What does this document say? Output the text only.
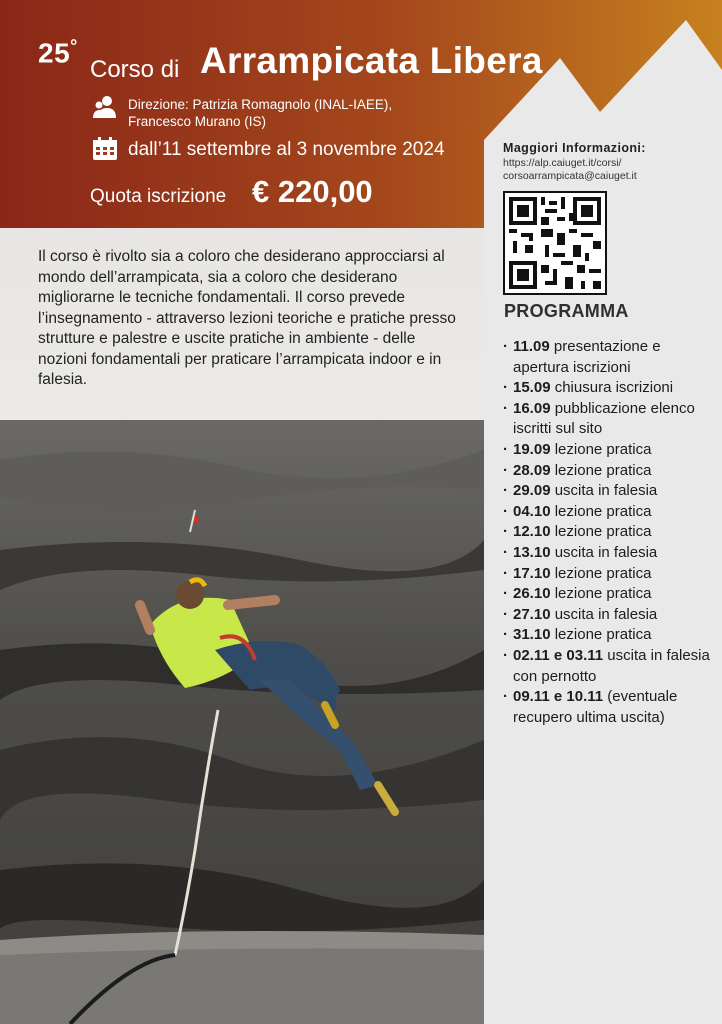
25°
Corso di Arrampicata Libera
Direzione: Patrizia Romagnolo (INAL-IAEE),
Francesco Murano (IS)
dall’11 settembre al 3 novembre 2024
Quota iscrizione € 220,00
Il corso è rivolto sia a coloro che desiderano approcciarsi al mondo dell’arrampicata, sia a coloro che desiderano migliorarne le tecniche fondamentali. Il corso prevede l’insegnamento - attraverso lezioni teoriche e pratiche presso strutture e palestre e uscite pratiche in ambiente - delle nozioni fondamentali per praticare l’arrampicata indoor e in falesia.
Maggiori Informazioni:
https://alp.caiuget.it/corsi/
corsoarrampicata@caiuget.it
PROGRAMMA
· 11.09 presentazione e apertura iscrizioni
· 15.09 chiusura iscrizioni
· 16.09 pubblicazione elenco iscritti sul sito
· 19.09 lezione pratica
· 28.09 lezione pratica
· 29.09 uscita in falesia
· 04.10 lezione pratica
· 12.10 lezione pratica
· 13.10 uscita in falesia
· 17.10 lezione pratica
· 26.10 lezione pratica
· 27.10 uscita in falesia
· 31.10 lezione pratica
· 02.11 e 03.11 uscita in falesia con pernotto
· 09.11 e 10.11 (eventuale recupero ultima uscita)
